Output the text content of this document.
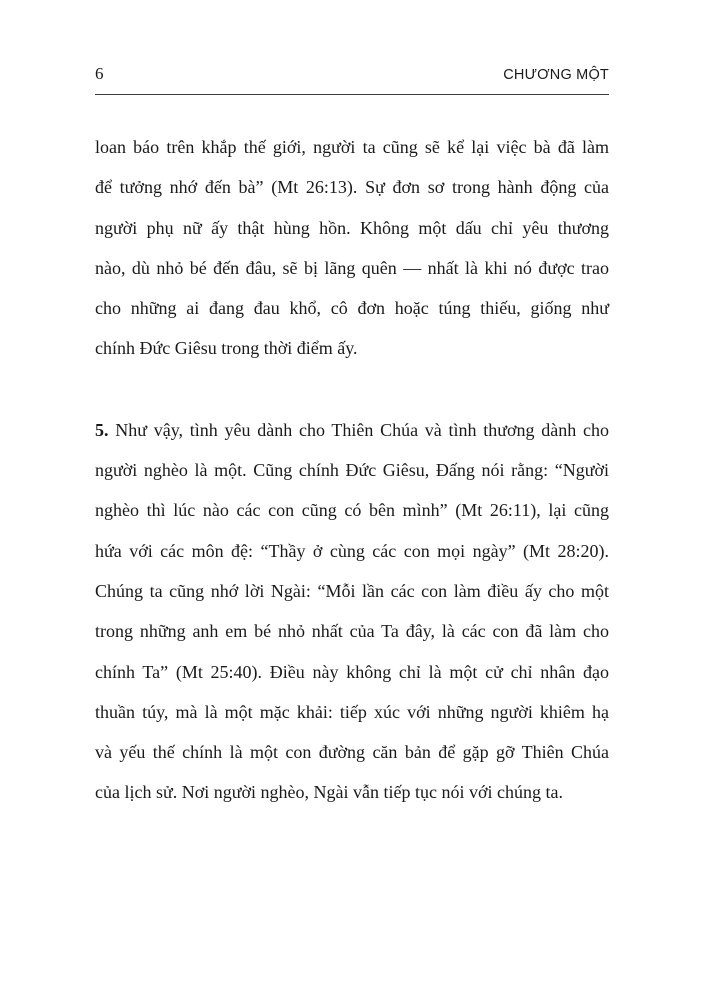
6	CHƯƠNG MỘT
loan báo trên khắp thế giới, người ta cũng sẽ kể lại việc bà đã làm
để tưởng nhớ đến bà” (Mt 26:13). Sự đơn sơ trong hành động của
người phụ nữ ấy thật hùng hồn. Không một dấu chỉ yêu thương
nào, dù nhỏ bé đến đâu, sẽ bị lãng quên — nhất là khi nó được trao
cho những ai đang đau khổ, cô đơn hoặc túng thiếu, giống như
chính Đức Giêsu trong thời điểm ấy.
5. Như vậy, tình yêu dành cho Thiên Chúa và tình thương dành cho
người nghèo là một. Cũng chính Đức Giêsu, Đấng nói rằng: “Người
nghèo thì lúc nào các con cũng có bên mình” (Mt 26:11), lại cũng
hứa với các môn đệ: “Thầy ở cùng các con mọi ngày” (Mt 28:20).
Chúng ta cũng nhớ lời Ngài: “Mỗi lần các con làm điều ấy cho một
trong những anh em bé nhỏ nhất của Ta đây, là các con đã làm cho
chính Ta” (Mt 25:40). Điều này không chỉ là một cử chỉ nhân đạo
thuần túy, mà là một mặc khải: tiếp xúc với những người khiêm hạ
và yếu thế chính là một con đường căn bản để gặp gỡ Thiên Chúa
của lịch sử. Nơi người nghèo, Ngài vẫn tiếp tục nói với chúng ta.
